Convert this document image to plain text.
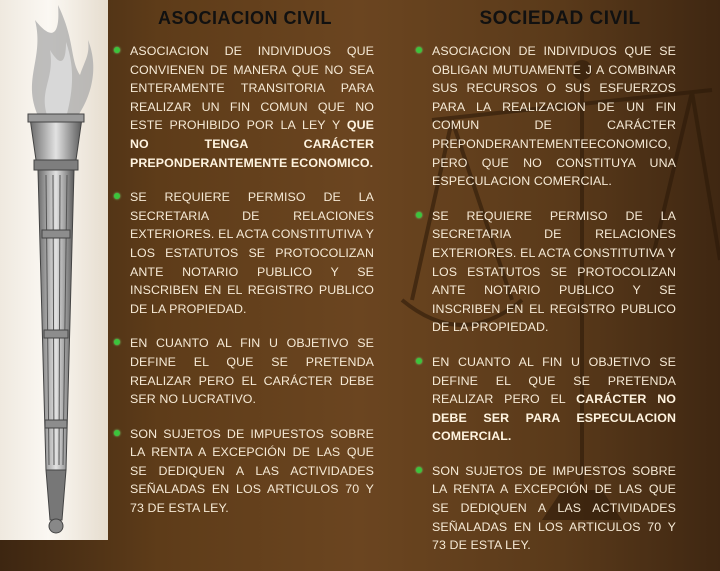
ASOCIACION CIVIL	SOCIEDAD CIVIL
ASOCIACION DE INDIVIDUOS QUE CONVIENEN DE MANERA QUE NO SEA ENTERAMENTE TRANSITORIA PARA REALIZAR UN FIN COMUN QUE NO ESTE PROHIBIDO POR LA LEY Y QUE NO TENGA CARÁCTER PREPONDERANTEMENTE ECONOMICO.
SE REQUIERE PERMISO DE LA SECRETARIA DE RELACIONES EXTERIORES. EL ACTA CONSTITUTIVA Y LOS ESTATUTOS SE PROTOCOLIZAN ANTE NOTARIO PUBLICO Y SE INSCRIBEN EN EL REGISTRO PUBLICO DE LA PROPIEDAD.
EN CUANTO AL FIN U OBJETIVO SE DEFINE EL QUE SE PRETENDA REALIZAR PERO EL CARÁCTER DEBE SER NO LUCRATIVO.
SON SUJETOS DE IMPUESTOS SOBRE LA RENTA A EXCEPCIÓN DE LAS QUE SE DEDIQUEN A LAS ACTIVIDADES SEÑALADAS EN LOS ARTICULOS 70 Y 73 DE ESTA LEY.
ASOCIACION DE INDIVIDUOS QUE SE OBLIGAN MUTUAMENTE J A COMBINAR SUS RECURSOS O SUS ESFUERZOS PARA LA REALIZACION DE UN FIN COMUN DE CARÁCTER PREPONDERANTEMENTEECONOMICO, PERO QUE NO CONSTITUYA UNA ESPECULACION COMERCIAL.
SE REQUIERE PERMISO DE LA SECRETARIA DE RELACIONES EXTERIORES. EL ACTA CONSTITUTIVA Y LOS ESTATUTOS SE PROTOCOLIZAN ANTE NOTARIO PUBLICO Y SE INSCRIBEN EN EL REGISTRO PUBLICO DE LA PROPIEDAD.
EN CUANTO AL FIN U OBJETIVO SE DEFINE EL QUE SE PRETENDA REALIZAR PERO EL CARÁCTER NO DEBE SER PARA ESPECULACION COMERCIAL.
SON SUJETOS DE IMPUESTOS SOBRE LA RENTA A EXCEPCIÓN DE LAS QUE SE DEDIQUEN A LAS ACTIVIDADES SEÑALADAS EN LOS ARTICULOS 70 Y 73 DE ESTA LEY.
